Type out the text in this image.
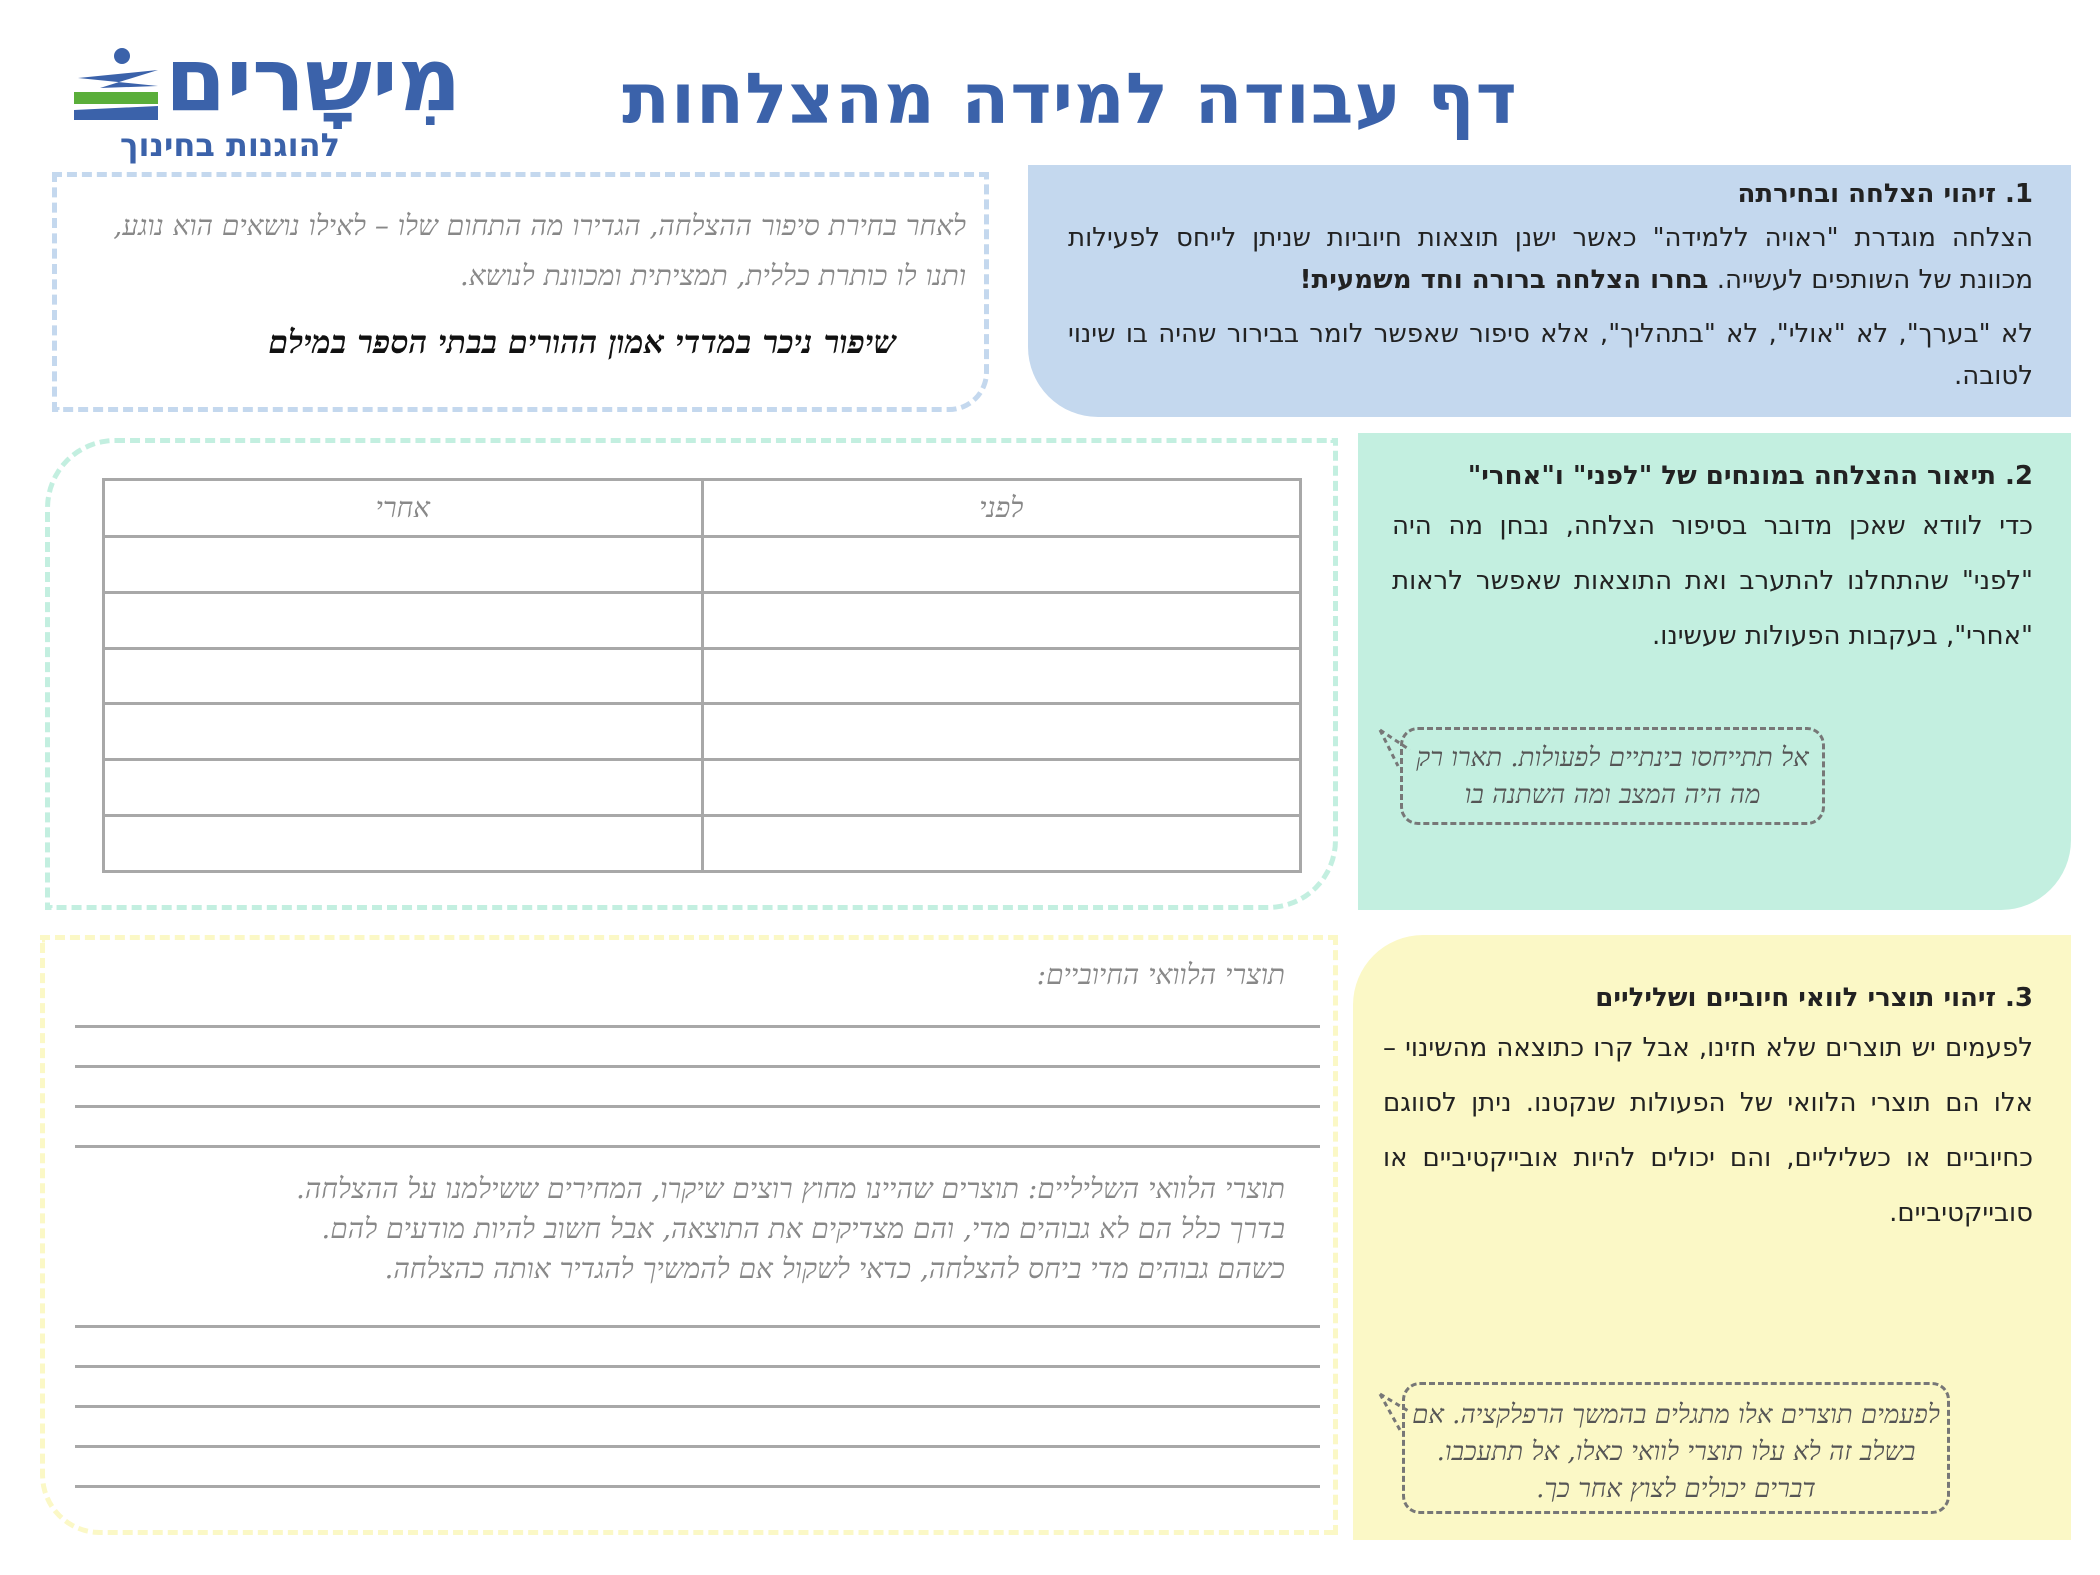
מִישָרים
להוגנות בחינוך
דף עבודה למידה מהצלחות
1. זיהוי הצלחה ובחירתה
הצלחה מוגדרת "ראויה ללמידה" כאשר ישנן תוצאות חיוביות שניתן לייחס לפעילות מכוונת של השותפים לעשייה. בחרו הצלחה ברורה וחד משמעית!
לא "בערך", לא "אולי", לא "בתהליך", אלא סיפור שאפשר לומר בבירור שהיה בו שינוי לטובה.
לאחר בחירת סיפור ההצלחה, הגדירו מה התחום שלו – לאילו נושאים הוא נוגע, ותנו לו כותרת כללית, תמציתית ומכוונת לנושא.
שיפור ניכר במדדי אמון ההורים בבתי הספר במילם
2. תיאור ההצלחה במונחים של "לפני" ו"אחרי"
כדי לוודא שאכן מדובר בסיפור הצלחה, נבחן מה היה "לפני" שהתחלנו להתערב ואת התוצאות שאפשר לראות "אחרי", בעקבות הפעולות שעשינו.
אל תתייחסו בינתיים לפעולות. תארו רק מה היה המצב ומה השתנה בו
לפני	אחרי

3. זיהוי תוצרי לוואי חיוביים ושליליים
לפעמים יש תוצרים שלא חזינו, אבל קרו כתוצאה מהשינוי – אלו הם תוצרי הלוואי של הפעולות שנקטנו. ניתן לסווגם כחיוביים או כשליליים, והם יכולים להיות אובייקטיביים או סובייקטיביים.
לפעמים תוצרים אלו מתגלים בהמשך הרפלקציה. אם בשלב זה לא עלו תוצרי לוואי כאלו, אל תתעכבו. דברים יכולים לצוץ אחר כך.
תוצרי הלוואי החיוביים:
תוצרי הלוואי השליליים: תוצרים שהיינו מחוץ רוצים שיקרו, המחירים ששילמנו על ההצלחה.
בדרך כלל הם לא גבוהים מדי, והם מצדיקים את התוצאה, אבל חשוב להיות מודעים להם.
כשהם גבוהים מדי ביחס להצלחה, כדאי לשקול אם להמשיך להגדיר אותה כהצלחה.
